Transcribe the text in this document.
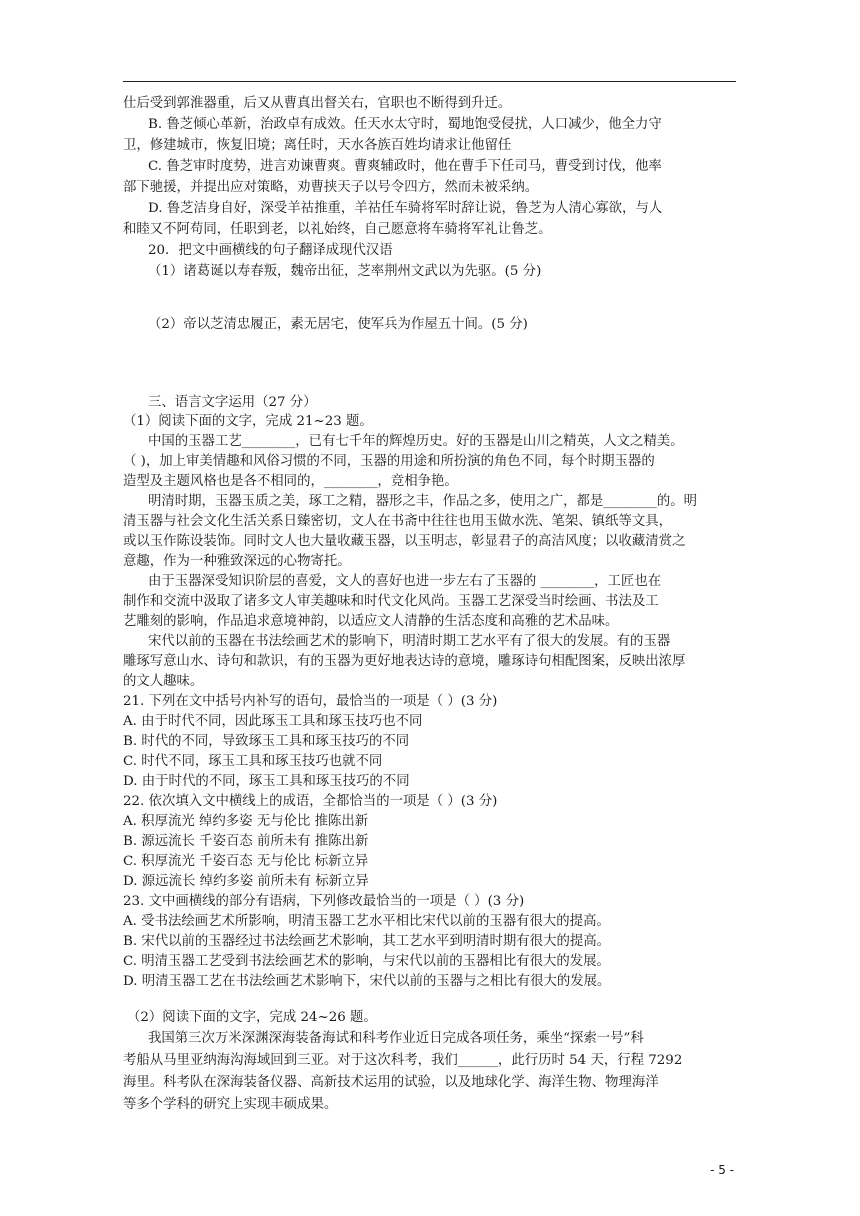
仕后受到郭淮器重，后又从曹真出督关右，官职也不断得到升迁。
B. 鲁芝倾心革新，治政卓有成效。任天水太守时，蜀地饱受侵扰，人口减少，他全力守
卫，修建城市，恢复旧境；离任时，天水各族百姓均请求让他留任
C. 鲁芝审时度势，进言劝谏曹爽。曹爽辅政时，他在曹手下任司马，曹受到讨伐，他率
部下驰援，并提出应对策略，劝曹挟天子以号令四方，然而未被采纳。
D. 鲁芝洁身自好，深受羊祜推重，羊祜任车骑将军时辞让说，鲁芝为人清心寡欲，与人
和睦又不阿苟同，任职到老，以礼始终，自己愿意将车骑将军礼让鲁芝。
20．把文中画横线的句子翻译成现代汉语
（1）诸葛诞以寿春叛，魏帝出征，芝率荆州文武以为先驱。(5 分)
（2）帝以芝清忠履正，素无居宅，使军兵为作屋五十间。(5 分)
三、语言文字运用（27 分）
（1）阅读下面的文字，完成 21~23 题。
中国的玉器工艺________，已有七千年的辉煌历史。好的玉器是山川之精英，人文之精美。
（ )，加上审美情趣和风俗习惯的不同，玉器的用途和所扮演的角色不同，每个时期玉器的
造型及主题风格也是各不相同的，________，竞相争艳。
明清时期，玉器玉质之美，琢工之精，器形之丰，作品之多，使用之广，都是________的。明
清玉器与社会文化生活关系日臻密切，文人在书斋中往往也用玉做水洗、笔架、镇纸等文具，
或以玉作陈设装饰。同时文人也大量收藏玉器，以玉明志，彰显君子的高洁风度；以收藏清赏之
意趣，作为一种雅致深远的心物寄托。
由于玉器深受知识阶层的喜爱，文人的喜好也进一步左右了玉器的 ________，工匠也在
制作和交流中汲取了诸多文人审美趣味和时代文化风尚。玉器工艺深受当时绘画、书法及工
艺雕刻的影响，作品追求意境神韵，以适应文人清静的生活态度和高雅的艺术品味。
宋代以前的玉器在书法绘画艺术的影响下，明清时期工艺水平有了很大的发展。有的玉器
雕琢写意山水、诗句和款识，有的玉器为更好地表达诗的意境，雕琢诗句相配图案，反映出浓厚
的文人趣味。
21. 下列在文中括号内补写的语句，最恰当的一项是（ ）(3 分)
A. 由于时代不同，因此琢玉工具和琢玉技巧也不同
B. 时代的不同，导致琢玉工具和琢玉技巧的不同
C. 时代不同，琢玉工具和琢玉技巧也就不同
D. 由于时代的不同，琢玉工具和琢玉技巧的不同
22. 依次填入文中横线上的成语，全都恰当的一项是（ ）(3 分)
A. 积厚流光 绰约多姿 无与伦比 推陈出新
B. 源远流长 千姿百态 前所未有 推陈出新
C. 积厚流光 千姿百态 无与伦比 标新立异
D. 源远流长 绰约多姿 前所未有 标新立异
23. 文中画横线的部分有语病，下列修改最恰当的一项是（ ）(3 分)
A. 受书法绘画艺术所影响，明清玉器工艺水平相比宋代以前的玉器有很大的提高。
B. 宋代以前的玉器经过书法绘画艺术影响，其工艺水平到明清时期有很大的提高。
C. 明清玉器工艺受到书法绘画艺术的影响，与宋代以前的玉器相比有很大的发展。
D. 明清玉器工艺在书法绘画艺术影响下，宋代以前的玉器与之相比有很大的发展。
（2）阅读下面的文字，完成 24~26 题。
我国第三次万米深渊深海装备海试和科考作业近日完成各项任务，乘坐“探索一号”科
考船从马里亚纳海沟海域回到三亚。对于这次科考，我们______，此行历时 54 天，行程 7292
海里。科考队在深海装备仪器、高新技术运用的试验，以及地球化学、海洋生物、物理海洋
等多个学科的研究上实现丰硕成果。
- 5 -
